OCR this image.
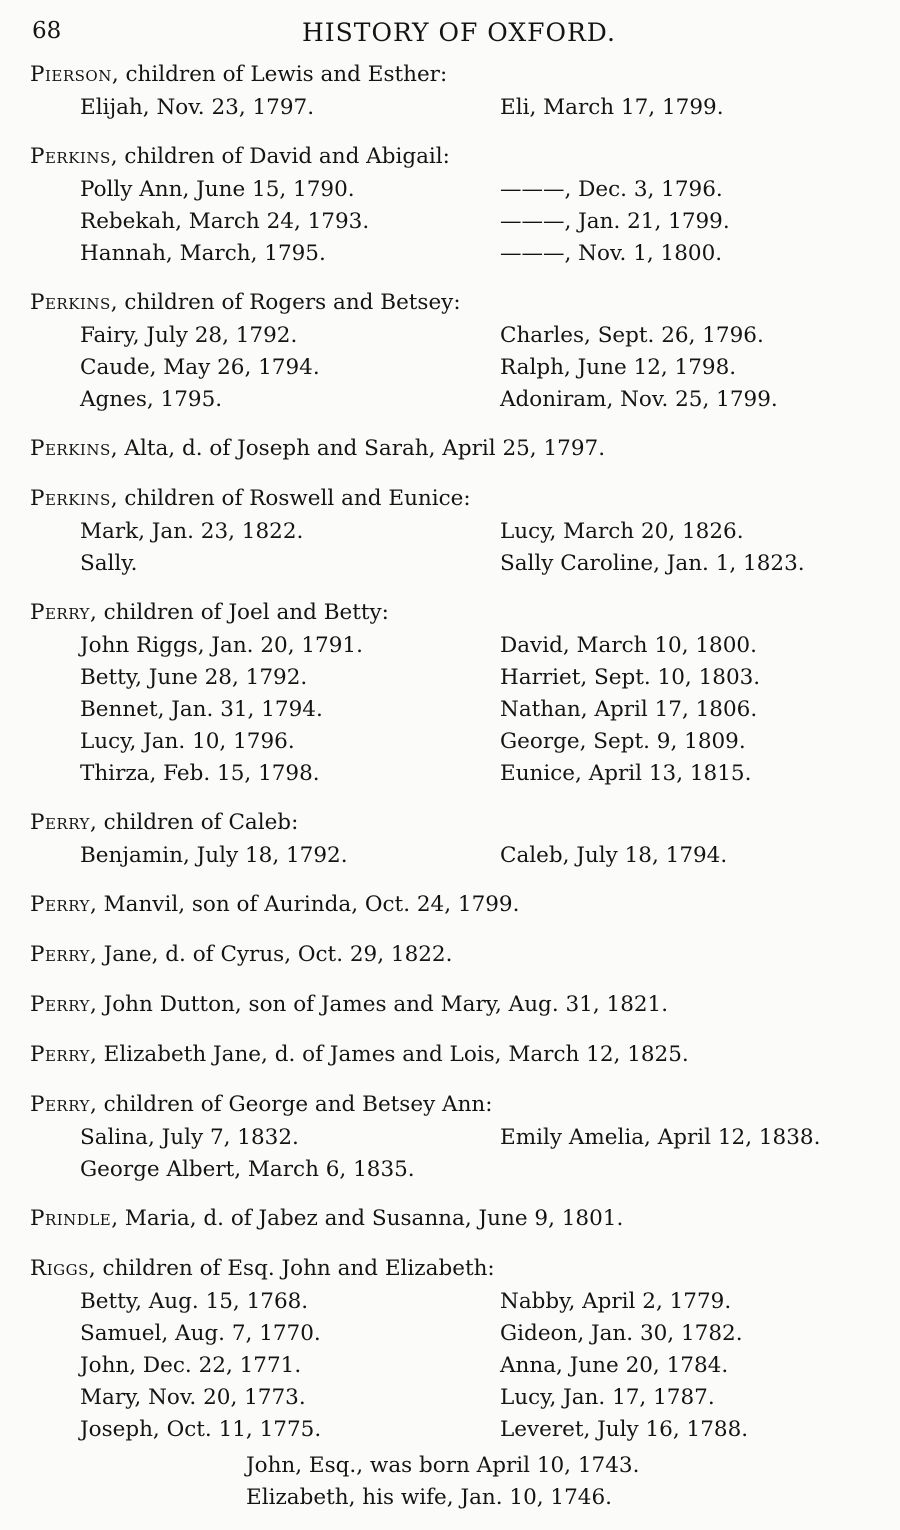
68	HISTORY OF OXFORD.
Pierson, children of Lewis and Esther:
Elijah, Nov. 23, 1797.	Eli, March 17, 1799.
Perkins, children of David and Abigail:
Polly Ann, June 15, 1790.	———, Dec. 3, 1796.
Rebekah, March 24, 1793.	———, Jan. 21, 1799.
Hannah, March, 1795.	———, Nov. 1, 1800.
Perkins, children of Rogers and Betsey:
Fairy, July 28, 1792.	Charles, Sept. 26, 1796.
Caude, May 26, 1794.	Ralph, June 12, 1798.
Agnes, 1795.	Adoniram, Nov. 25, 1799.
Perkins, Alta, d. of Joseph and Sarah, April 25, 1797.
Perkins, children of Roswell and Eunice:
Mark, Jan. 23, 1822.	Lucy, March 20, 1826.
Sally.	Sally Caroline, Jan. 1, 1823.
Perry, children of Joel and Betty:
John Riggs, Jan. 20, 1791.	David, March 10, 1800.
Betty, June 28, 1792.	Harriet, Sept. 10, 1803.
Bennet, Jan. 31, 1794.	Nathan, April 17, 1806.
Lucy, Jan. 10, 1796.	George, Sept. 9, 1809.
Thirza, Feb. 15, 1798.	Eunice, April 13, 1815.
Perry, children of Caleb:
Benjamin, July 18, 1792.	Caleb, July 18, 1794.
Perry, Manvil, son of Aurinda, Oct. 24, 1799.
Perry, Jane, d. of Cyrus, Oct. 29, 1822.
Perry, John Dutton, son of James and Mary, Aug. 31, 1821.
Perry, Elizabeth Jane, d. of James and Lois, March 12, 1825.
Perry, children of George and Betsey Ann:
Salina, July 7, 1832.	Emily Amelia, April 12, 1838.
George Albert, March 6, 1835.
Prindle, Maria, d. of Jabez and Susanna, June 9, 1801.
Riggs, children of Esq. John and Elizabeth:
Betty, Aug. 15, 1768.	Nabby, April 2, 1779.
Samuel, Aug. 7, 1770.	Gideon, Jan. 30, 1782.
John, Dec. 22, 1771.	Anna, June 20, 1784.
Mary, Nov. 20, 1773.	Lucy, Jan. 17, 1787.
Joseph, Oct. 11, 1775.	Leveret, July 16, 1788.
John, Esq., was born April 10, 1743.
Elizabeth, his wife, Jan. 10, 1746.
